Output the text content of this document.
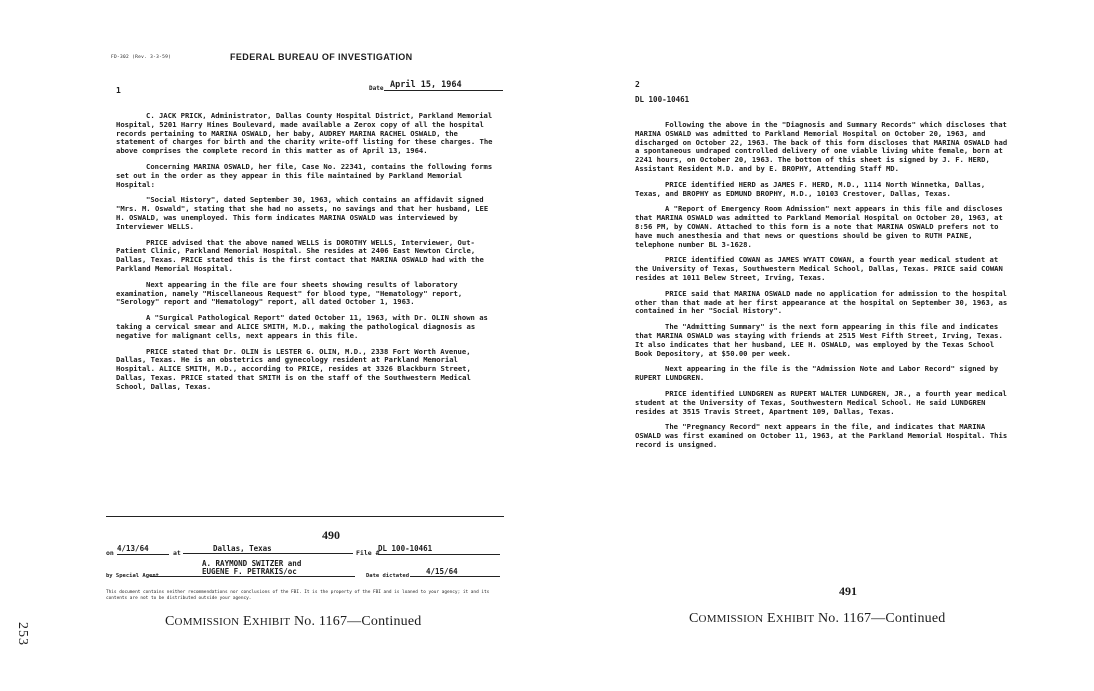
253
FD-302 (Rev. 3-3-59)	FEDERAL BUREAU OF INVESTIGATION
1	Date April 15, 1964

C. JACK PRICK, Administrator, Dallas County Hospital District, Parkland Memorial Hospital, 5201 Harry Hines Boulevard, made available a Zerox copy of all the hospital records pertaining to MARINA OSWALD, her baby, AUDREY MARINA RACHEL OSWALD, the statement of charges for birth and the charity write-off listing for these charges. The above comprises the complete record in this matter as of April 13, 1964.

Concerning MARINA OSWALD, her file, Case No. 22341, contains the following forms set out in the order as they appear in this file maintained by Parkland Memorial Hospital:

"Social History", dated September 30, 1963, which contains an affidavit signed "Mrs. M. Oswald", stating that she had no assets, no savings and that her husband, LEE H. OSWALD, was unemployed. This form indicates MARINA OSWALD was interviewed by Interviewer WELLS.

PRICE advised that the above named WELLS is DOROTHY WELLS, Interviewer, Out-Patient Clinic, Parkland Memorial Hospital. She resides at 2406 East Newton Circle, Dallas, Texas. PRICE stated this is the first contact that MARINA OSWALD had with the Parkland Memorial Hospital.

Next appearing in the file are four sheets showing results of laboratory examination, namely "Miscellaneous Request" for blood type, "Hematology" report, "Serology" report and "Hematology" report, all dated October 1, 1963.

A "Surgical Pathological Report" dated October 11, 1963, with Dr. OLIN shown as taking a cervical smear and ALICE SMITH, M.D., making the pathological diagnosis as negative for malignant cells, next appears in this file.

PRICE stated that Dr. OLIN is LESTER G. OLIN, M.D., 2338 Fort Worth Avenue, Dallas, Texas. He is an obstetrics and gynecology resident at Parkland Memorial Hospital. ALICE SMITH, M.D., according to PRICE, resides at 3326 Blackburn Street, Dallas, Texas. PRICE stated that SMITH is on the staff of the Southwestern Medical School, Dallas, Texas.

490
on 4/13/64	at	Dallas, Texas	File #
DL 100-10461
A. RAYMOND SWITZER and
by Special Agent	EUGENE F. PETRAKIS/oc	Date dictated	4/15/64
This document contains neither recommendations nor conclusions of the FBI. It is the property of the FBI and is loaned to your agency; it and its contents are not to be distributed outside your agency.
COMMISSION EXHIBIT No. 1167—Continued
2
DL 100-10461

Following the above in the "Diagnosis and Summary Records" which discloses that MARINA OSWALD was admitted to Parkland Memorial Hospital on October 20, 1963, and discharged on October 22, 1963. The back of this form discloses that MARINA OSWALD had a spontaneous undraped controlled delivery of one viable living white female, born at 2241 hours, on October 20, 1963. The bottom of this sheet is signed by J. F. HERD, Assistant Resident M.D. and by E. BROPHY, Attending Staff MD.

PRICE identified HERD as JAMES F. HERD, M.D., 1114 North Winnetka, Dallas, Texas, and BROPHY as EDMUND BROPHY, M.D., 10103 Crestover, Dallas, Texas.

A "Report of Emergency Room Admission" next appears in this file and discloses that MARINA OSWALD was admitted to Parkland Memorial Hospital on October 20, 1963, at 8:56 PM, by COWAN. Attached to this form is a note that MARINA OSWALD prefers not to have much anesthesia and that news or questions should be given to RUTH PAINE, telephone number BL 3-1628.

PRICE identified COWAN as JAMES WYATT COWAN, a fourth year medical student at the University of Texas, Southwestern Medical School, Dallas, Texas. PRICE said COWAN resides at 1011 Belew Street, Irving, Texas.

PRICE said that MARINA OSWALD made no application for admission to the hospital other than that made at her first appearance at the hospital on September 30, 1963, as contained in her "Social History".

The "Admitting Summary" is the next form appearing in this file and indicates that MARINA OSWALD was staying with friends at 2515 West Fifth Street, Irving, Texas. It also indicates that her husband, LEE H. OSWALD, was employed by the Texas School Book Depository, at $50.00 per week.

Next appearing in the file is the "Admission Note and Labor Record" signed by RUPERT LUNDGREN.

PRICE identified LUNDGREN as RUPERT WALTER LUNDGREN, JR., a fourth year medical student at the University of Texas, Southwestern Medical School. He said LUNDGREN resides at 3515 Travis Street, Apartment 109, Dallas, Texas.

The "Pregnancy Record" next appears in the file, and indicates that MARINA OSWALD was first examined on October 11, 1963, at the Parkland Memorial Hospital. This record is unsigned.

491
COMMISSION EXHIBIT No. 1167—Continued
